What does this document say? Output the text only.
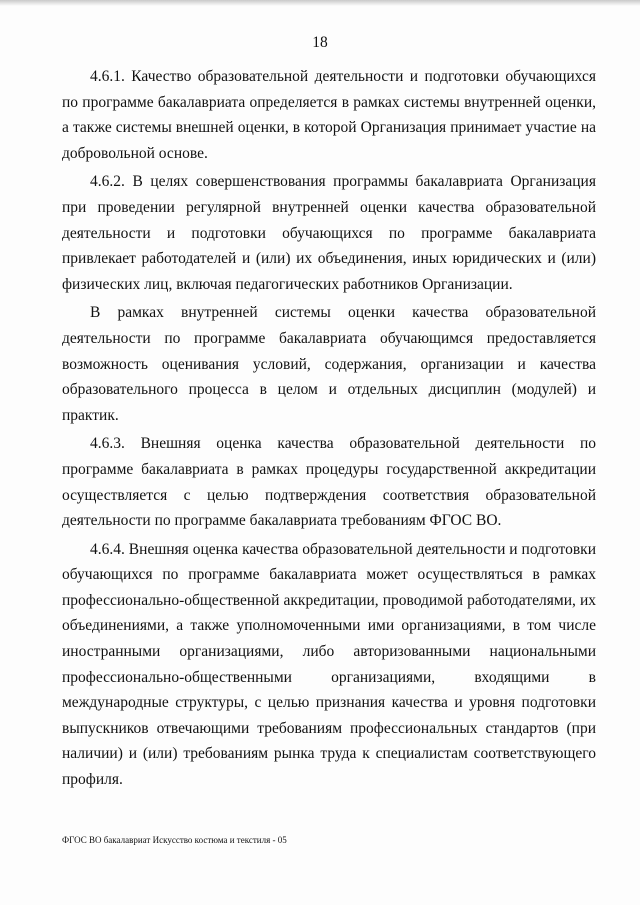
18

4.6.1. Качество образовательной деятельности и подготовки обучающихся по программе бакалавриата определяется в рамках системы внутренней оценки, а также системы внешней оценки, в которой Организация принимает участие на добровольной основе.

4.6.2. В целях совершенствования программы бакалавриата Организация при проведении регулярной внутренней оценки качества образовательной деятельности и подготовки обучающихся по программе бакалавриата привлекает работодателей и (или) их объединения, иных юридических и (или) физических лиц, включая педагогических работников Организации.

В рамках внутренней системы оценки качества образовательной деятельности по программе бакалавриата обучающимся предоставляется возможность оценивания условий, содержания, организации и качества образовательного процесса в целом и отдельных дисциплин (модулей) и практик.

4.6.3. Внешняя оценка качества образовательной деятельности по программе бакалавриата в рамках процедуры государственной аккредитации осуществляется с целью подтверждения соответствия образовательной деятельности по программе бакалавриата требованиям ФГОС ВО.

4.6.4. Внешняя оценка качества образовательной деятельности и подготовки обучающихся по программе бакалавриата может осуществляться в рамках профессионально-общественной аккредитации, проводимой работодателями, их объединениями, а также уполномоченными ими организациями, в том числе иностранными организациями, либо авторизованными национальными профессионально-общественными организациями, входящими в международные структуры, с целью признания качества и уровня подготовки выпускников отвечающими требованиям профессиональных стандартов (при наличии) и (или) требованиям рынка труда к специалистам соответствующего профиля.

ФГОС ВО бакалавриат Искусство костюма и текстиля - 05
